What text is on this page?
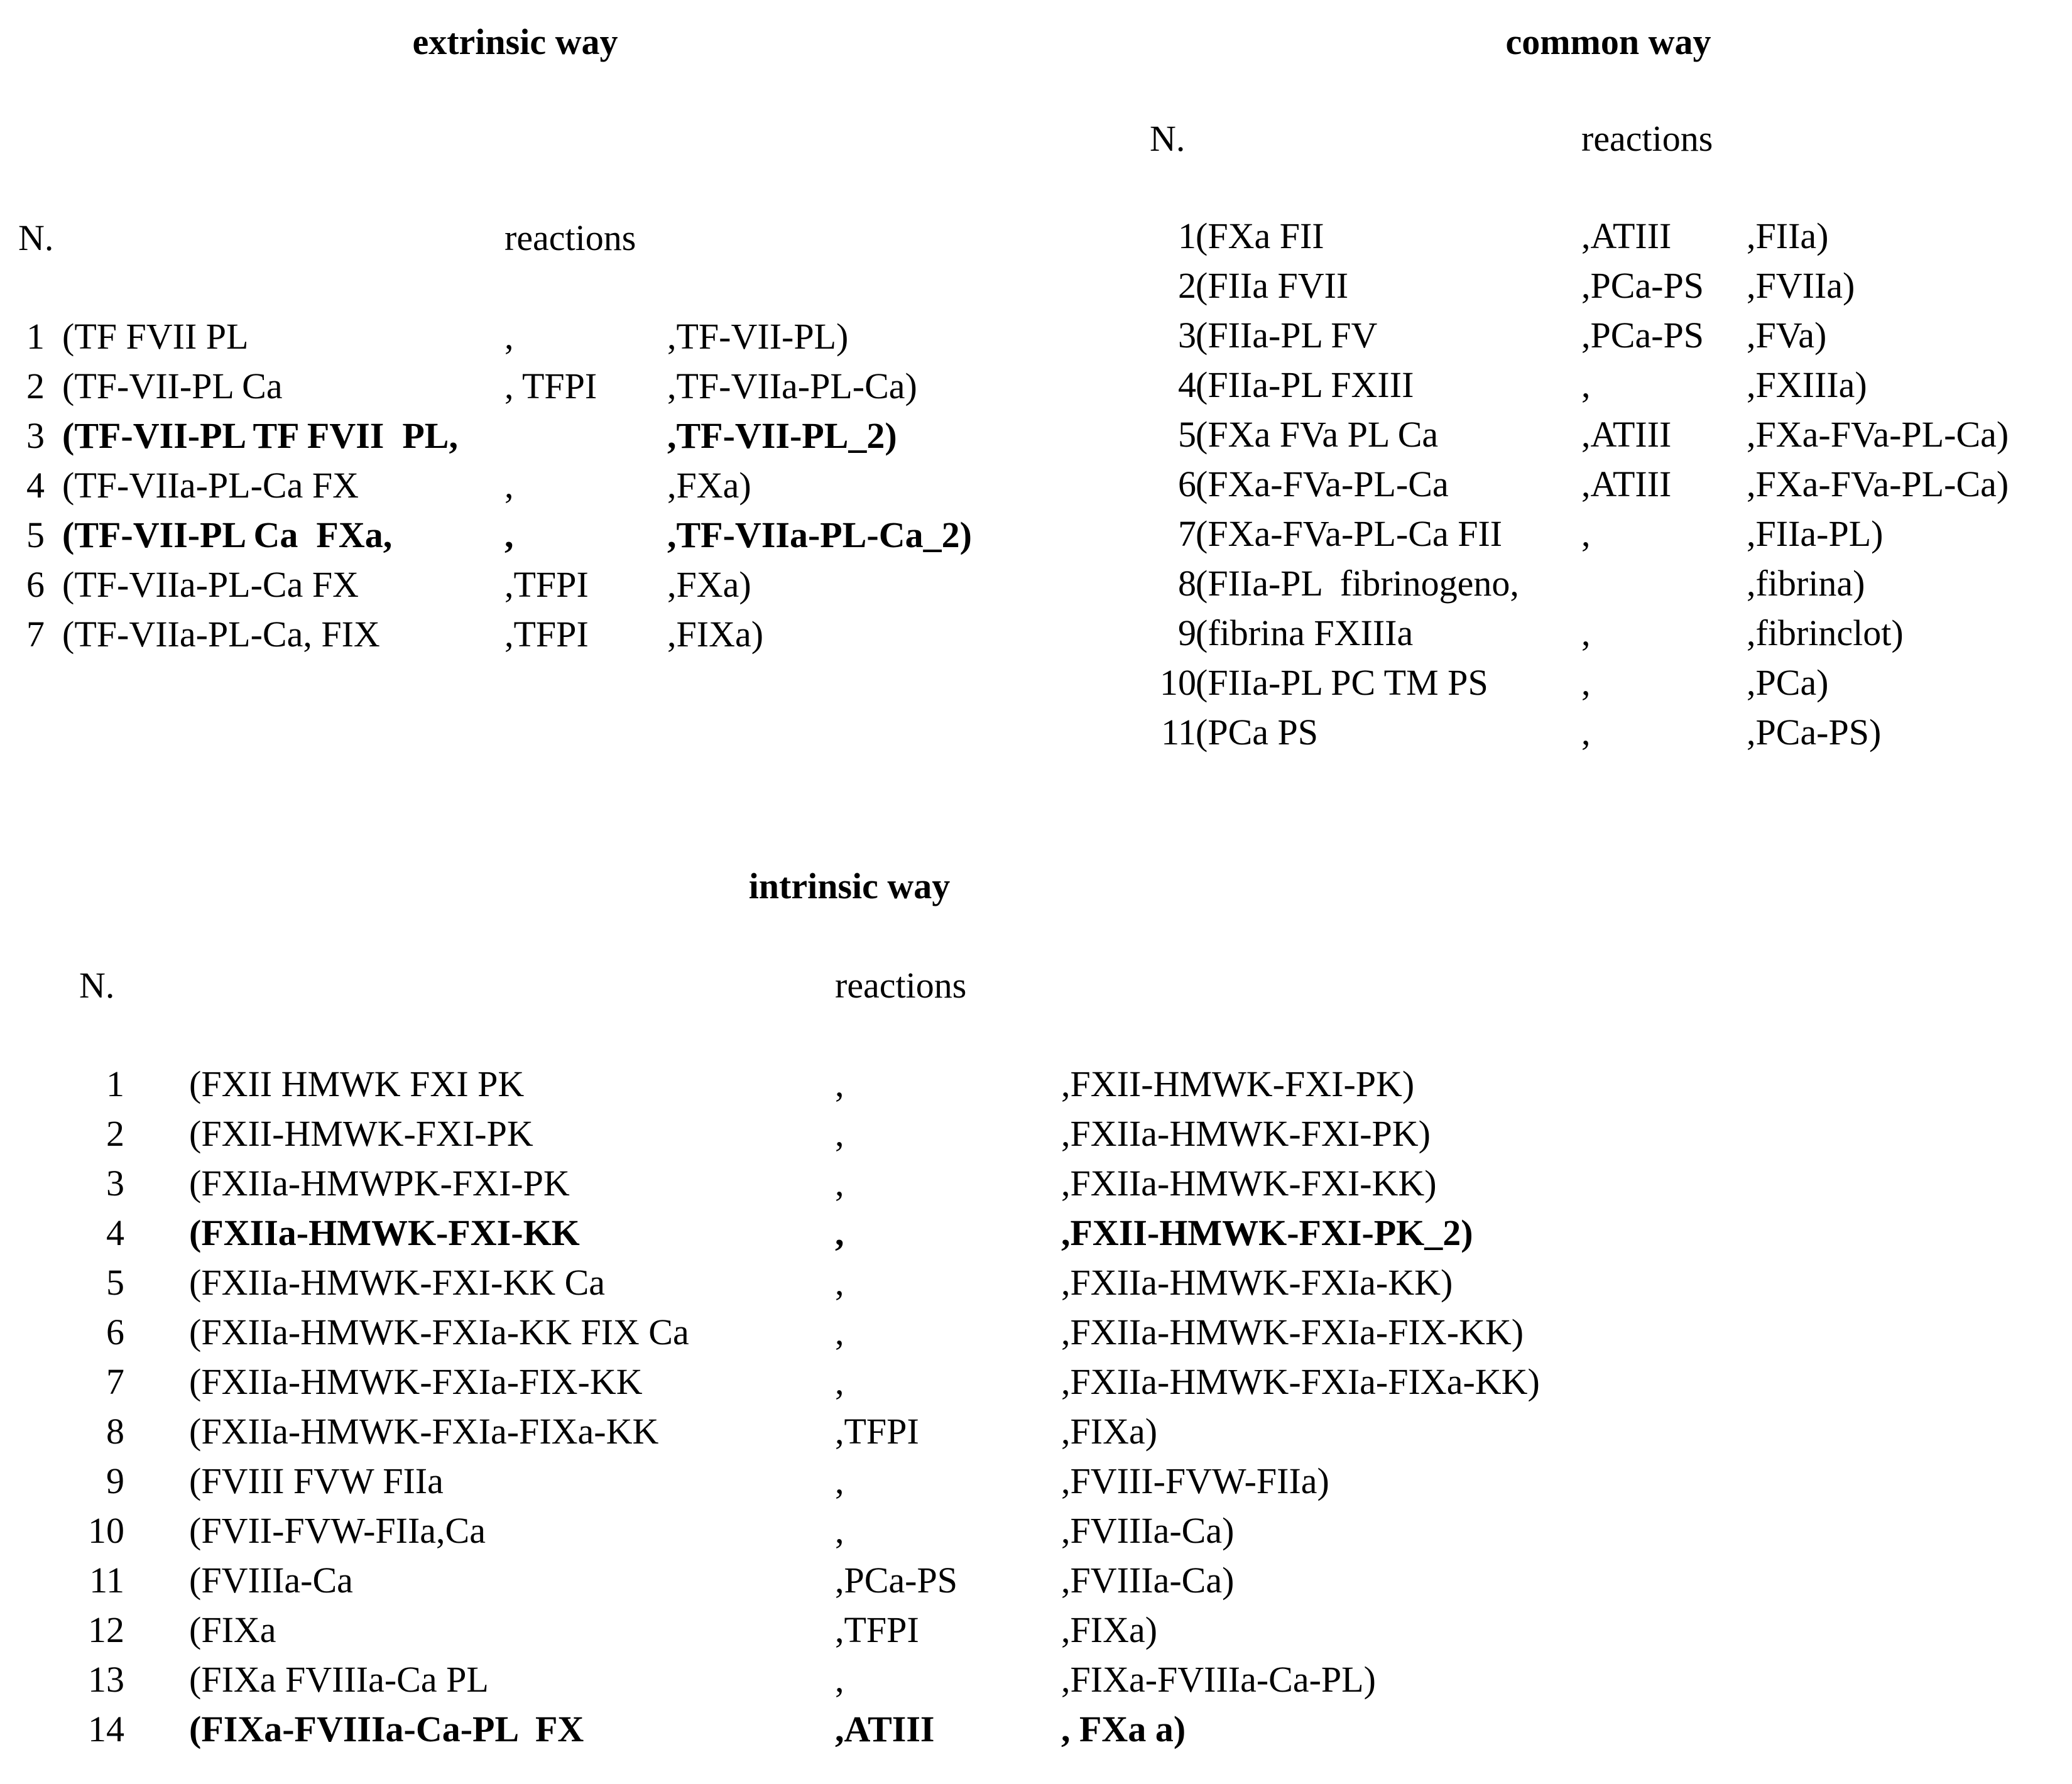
extrinsic way
N.	reactions
1 (TF FVII PL	,	,TF-VII-PL)
2 (TF-VII-PL Ca	, TFPI ,TF-VIIa-PL-Ca)
3 (TF-VII-PL TF FVII  PL,	,TF-VII-PL_2)
4 (TF-VIIa-PL-Ca FX	,	,FXa)
5 (TF-VII-PL Ca  FXa,	,	,TF-VIIa-PL-Ca_2)
6 (TF-VIIa-PL-Ca FX	,TFPI ,FXa)
7 (TF-VIIa-PL-Ca, FIX	,TFPI ,FIXa)
common way
N.	reactions
1 (FXa FII	,ATIII ,FIIa)
2 (FIIa FVII	,PCa-PS ,FVIIa)
3 (FIIa-PL FV	,PCa-PS ,FVa)
4 (FIIa-PL FXIII	,	,FXIIIa)
5 (FXa FVa PL Ca	,ATIII ,FXa-FVa-PL-Ca)
6 (FXa-FVa-PL-Ca	,ATIII ,FXa-FVa-PL-Ca)
7 (FXa-FVa-PL-Ca FII ,	,FIIa-PL)
8 (FIIa-PL  fibrinogeno,	,fibrina)
9 (fibrina FXIIIa	,	,fibrinclot)
10 (FIIa-PL PC TM PS	,	,PCa)
11 (PCa PS	,	,PCa-PS)
intrinsic way
N.	reactions
1 (FXII HMWK FXI PK	,	,FXII-HMWK-FXI-PK)
2 (FXII-HMWK-FXI-PK	,	,FXIIa-HMWK-FXI-PK)
3 (FXIIa-HMWPK-FXI-PK	,	,FXIIa-HMWK-FXI-KK)
4 (FXIIa-HMWK-FXI-KK	,	,FXII-HMWK-FXI-PK_2)
5 (FXIIa-HMWK-FXI-KK Ca	,	,FXIIa-HMWK-FXIa-KK)
6 (FXIIa-HMWK-FXIa-KK FIX Ca	,	,FXIIa-HMWK-FXIa-FIX-KK)
7 (FXIIa-HMWK-FXIa-FIX-KK	,	,FXIIa-HMWK-FXIa-FIXa-KK)
8 (FXIIa-HMWK-FXIa-FIXa-KK	,TFPI	,FIXa)
9 (FVIII FVW FIIa	,	,FVIII-FVW-FIIa)
10 (FVII-FVW-FIIa,Ca	,	,FVIIIa-Ca)
11 (FVIIIa-Ca	,PCa-PS	,FVIIIa-Ca)
12 (FIXa	,TFPI	,FIXa)
13 (FIXa FVIIIa-Ca PL	,	,FIXa-FVIIIa-Ca-PL)
14 (FIXa-FVIIIa-Ca-PL  FX	,ATIII	, FXa a)
